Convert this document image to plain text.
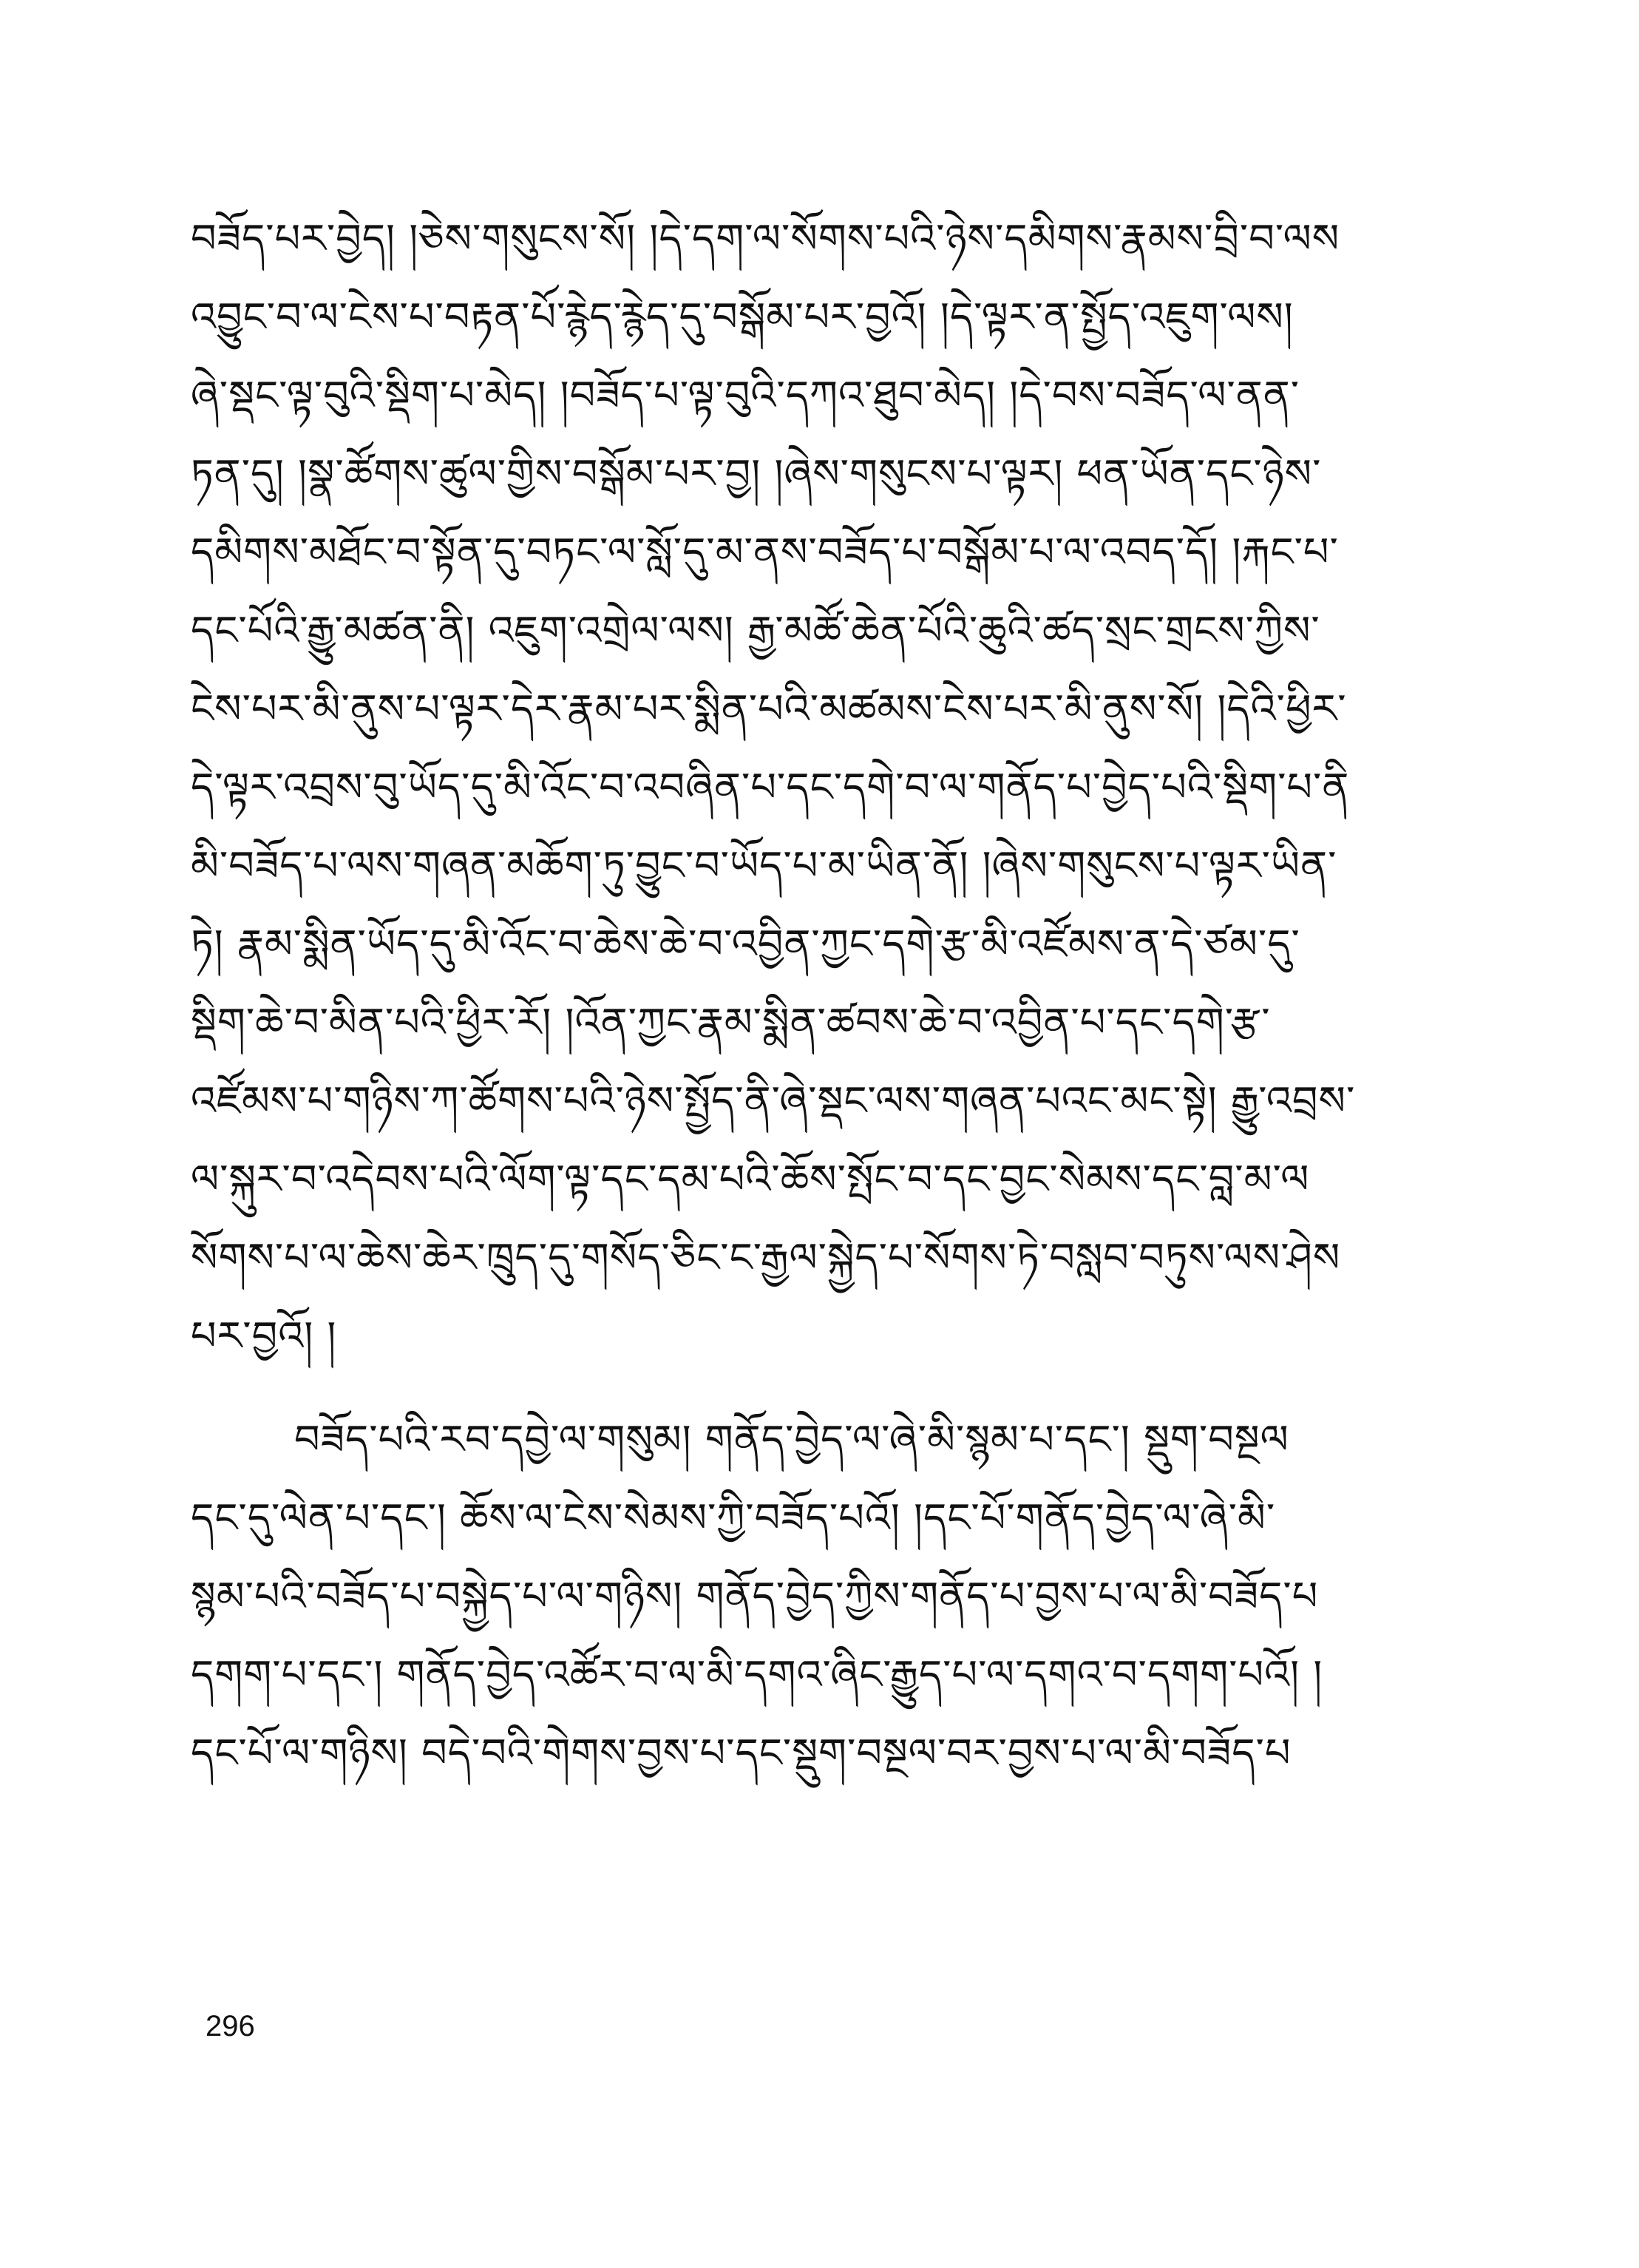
བཟོད་པར་བྱེད། །ཅེས་གསུངས་སོ། །དེ་དག་ལ་སོགས་པའི་ཉེས་དམིགས་རྣམས་བྲི་བ་ལས
འབྱུང་བ་ལ་ངེས་པ་བརྟན་པོ་རྙེད་རྙེད་དུ་བསྒོམ་པར་བྱའོ། །དེ་ལྟར་ན་སྤྱོད་འཇུག་ལས།
ཞེ་སྡང་ལྟ་བུའི་སྡིག་པ་མེད། །བཟོད་པ་ལྟ་བུའི་དཀའ་ཐུབ་མེད། །དེ་བས་བཟོད་ལ་ནན་
ཏན་དུ། །སྣ་ཚོགས་ཚུལ་གྱིས་བསྒོམ་པར་བྱ། །ཞེས་གསུངས་པ་ལྟར། ཕན་ཡོན་དང་ཉེས་
དམིགས་མཐོང་བ་སྟོན་དུ་བཏང་ལ་སློ་དུ་མ་ནས་བཟོད་པ་བསྒོམ་པ་ལ་འབད་དོ། །རྐང་པ་
དང་པོའི་རྒྱུ་མཚན་ནི། འཇུག་འགྲེལ་ལས། རྒྱ་མཚོ་ཆེན་པོའི་ཆུའི་ཚད་སྲང་གྲངས་ཀྱིས་
ངེས་པར་མི་ནུས་པ་ལྟར་དེར་རྣམ་པར་སྨིན་པའི་མཚམས་ངེས་པར་མི་ནུས་སོ། །དེའི་ཕྱིར་
དེ་ལྟར་འབྲས་བུ་ཡོད་དུ་མི་འོང་བ་འབཞིན་པ་དང་དགེ་བ་ལ་གནོད་པ་བྱེད་པའི་སྡིག་པ་ནི
མི་བཟོད་པ་ལས་གཞན་མཆོག་ཏུ་བྱུང་བ་ཡོད་པ་མ་ཡིན་ནོ། །ཞེས་གསུངས་པ་ལྟར་ཡིན་
ཏེ། རྣམ་སྨིན་ཡོད་དུ་མི་འོང་བ་ཆེས་ཆེ་བ་འབྱིན་ཀྱང་དགེ་རྩ་མི་འཛོམས་ན་དེ་ཙམ་དུ་
སྡིག་ཆེ་བ་མིན་པའི་ཕྱིར་རོ། །འོན་ཀྱང་རྣམ་སྨིན་ཚབས་ཆེ་བ་འབྱིན་པ་དང་དགེ་རྩ་
འཛོམས་པ་གཉིས་ཀ་ཚོགས་པའི་ཉེས་སྤྱོད་ནི་ཞེ་སྡང་ལས་གཞན་པའང་མང་སྟེ། རྒྱུ་འབྲས་
ལ་སྐུར་བ་འདེབས་པའི་ལོག་ལྟ་དང་དམ་པའི་ཆོས་སྤོང་བ་དང་བྱང་སེམས་དང་བླ་མ་ལ
སོགས་པ་ལ་ཆེས་ཆེར་ཁྲུད་དུ་གསོད་ཅིང་ང་རྒྱལ་སྐྱེད་པ་སོགས་ཏེ་བསླབ་བཏུས་ལས་ཤེས
པར་བྱའོ། །
བཟོད་པའི་རབ་དབྱེ་ལ་གསུམ། གནོད་བྱེད་ལ་ཞེ་མི་སྙམ་པ་དང་། སྡུག་བསྔལ
དང་དུ་ལེན་པ་དང་། ཆོས་ལ་ངེས་སེམས་ཀྱི་བཟོད་པའོ། །དང་པོ་གནོད་བྱེད་ལ་ཞེ་མི་
སྙམ་པའི་བཟོད་པ་བསྐྱེད་པ་ལ་གཉིས། གནོད་བྱེད་ཀྱིས་གནོད་པ་བྱས་པ་ལ་མི་བཟོད་པ
དགག་པ་དང་། གནོད་བྱེད་འཚོར་བ་ལ་མི་དགའ་ཞིང་རྒྱུད་པ་ལ་དགའ་བ་དགག་པའོ། །
དང་པོ་ལ་གཉིས། བདེ་བའི་གེགས་བྱས་པ་དང་སྡུག་བསྔལ་བར་བྱས་པ་ལ་མི་བཟོད་པ
296
